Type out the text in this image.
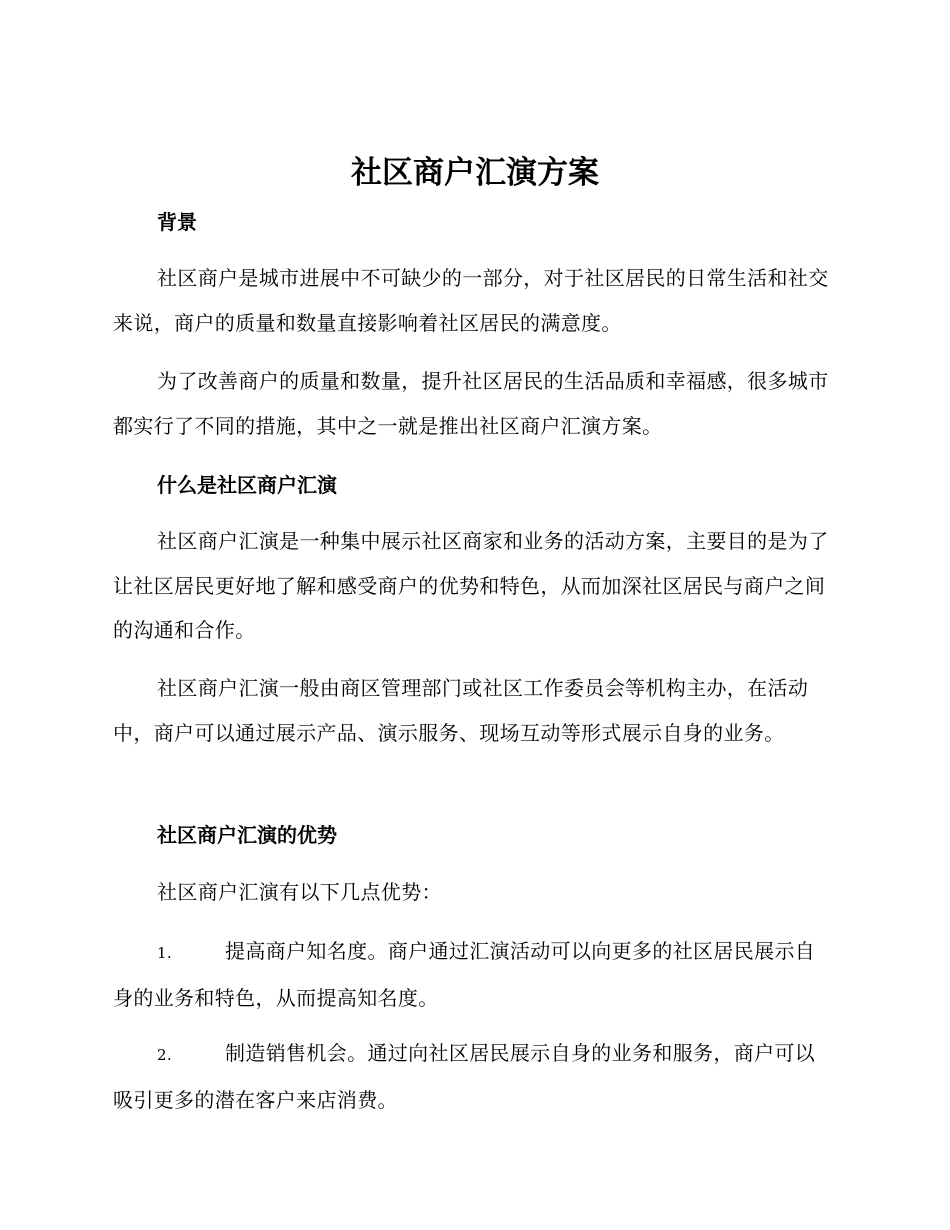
社区商户汇演方案
背景

社区商户是城市进展中不可缺少的一部分，对于社区居民的日常生活和社交来说，商户的质量和数量直接影响着社区居民的满意度。

为了改善商户的质量和数量，提升社区居民的生活品质和幸福感，很多城市都实行了不同的措施，其中之一就是推出社区商户汇演方案。

什么是社区商户汇演

社区商户汇演是一种集中展示社区商家和业务的活动方案，主要目的是为了让社区居民更好地了解和感受商户的优势和特色，从而加深社区居民与商户之间的沟通和合作。

社区商户汇演一般由商区管理部门或社区工作委员会等机构主办，在活动中，商户可以通过展示产品、演示服务、现场互动等形式展示自身的业务。

社区商户汇演的优势

社区商户汇演有以下几点优势：

1.	提高商户知名度。商户通过汇演活动可以向更多的社区居民展示自身的业务和特色，从而提高知名度。

2.	制造销售机会。通过向社区居民展示自身的业务和服务，商户可以吸引更多的潜在客户来店消费。
